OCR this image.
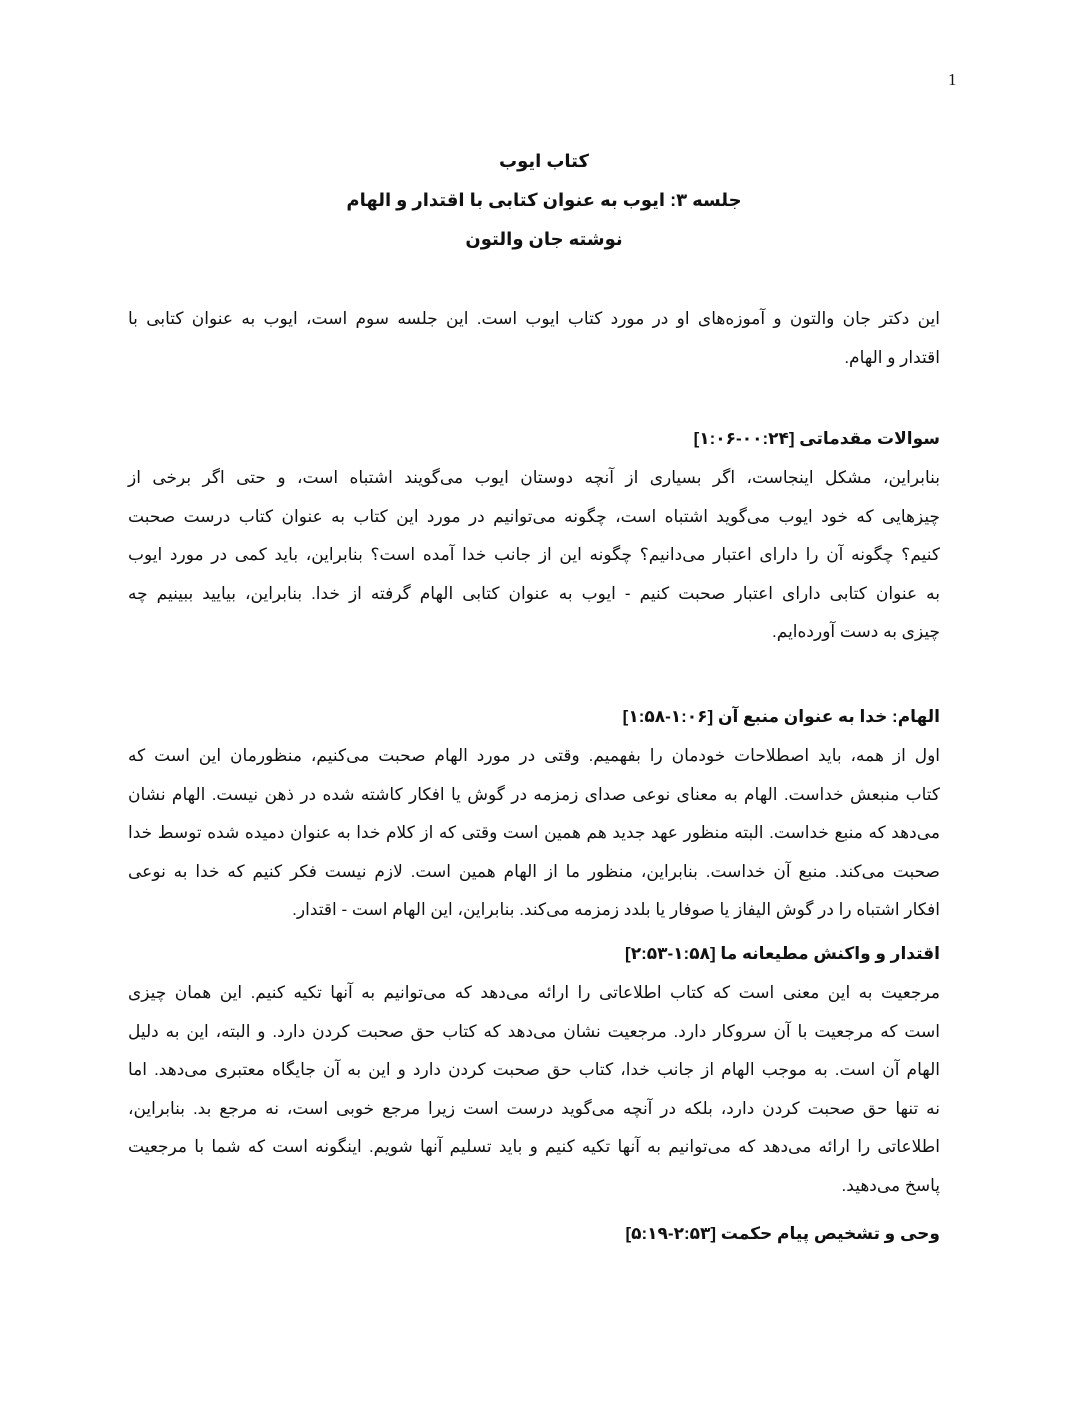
1
کتاب ایوب
جلسه ۳: ایوب به عنوان کتابی با اقتدار و الهام
نوشته جان والتون
این دکتر جان والتون و آموزه‌های او در مورد کتاب ایوب است. این جلسه سوم است، ایوب به عنوان کتابی با
اقتدار و الهام.
سوالات مقدماتی [۱:۰۶-۰۰:۲۴]
بنابراین، مشکل اینجاست، اگر بسیاری از آنچه دوستان ایوب می‌گویند اشتباه است، و حتی اگر برخی از
چیزهایی که خود ایوب می‌گوید اشتباه است، چگونه می‌توانیم در مورد این کتاب به عنوان کتاب درست صحبت
کنیم؟ چگونه آن را دارای اعتبار می‌دانیم؟ چگونه این از جانب خدا آمده است؟ بنابراین، باید کمی در مورد ایوب
به عنوان کتابی دارای اعتبار صحبت کنیم - ایوب به عنوان کتابی الهام گرفته از خدا. بنابراین، بیایید ببینیم چه
چیزی به دست آورده‌ایم.
الهام: خدا به عنوان منبع آن [۱:۵۸-۱:۰۶]
اول از همه، باید اصطلاحات خودمان را بفهمیم. وقتی در مورد الهام صحبت می‌کنیم، منظورمان این است که
کتاب منبعش خداست. الهام به معنای نوعی صدای زمزمه در گوش یا افکار کاشته شده در ذهن نیست. الهام نشان
می‌دهد که منبع خداست. البته منظور عهد جدید هم همین است وقتی که از کلام خدا به عنوان دمیده شده توسط خدا
صحبت می‌کند. منبع آن خداست. بنابراین، منظور ما از الهام همین است. لازم نیست فکر کنیم که خدا به نوعی
افکار اشتباه را در گوش الیفاز یا صوفار یا بلدد زمزمه می‌کند. بنابراین، این الهام است - اقتدار.
اقتدار و واکنش مطیعانه ما [۲:۵۳-۱:۵۸]
مرجعیت به این معنی است که کتاب اطلاعاتی را ارائه می‌دهد که می‌توانیم به آنها تکیه کنیم. این همان چیزی
است که مرجعیت با آن سروکار دارد. مرجعیت نشان می‌دهد که کتاب حق صحبت کردن دارد. و البته، این به دلیل
الهام آن است. به موجب الهام از جانب خدا، کتاب حق صحبت کردن دارد و این به آن جایگاه معتبری می‌دهد. اما
نه تنها حق صحبت کردن دارد، بلکه در آنچه می‌گوید درست است زیرا مرجع خوبی است، نه مرجع بد. بنابراین،
اطلاعاتی را ارائه می‌دهد که می‌توانیم به آنها تکیه کنیم و باید تسلیم آنها شویم. اینگونه است که شما با مرجعیت
پاسخ می‌دهید.
وحی و تشخیص پیام حکمت [۵:۱۹-۲:۵۳]
